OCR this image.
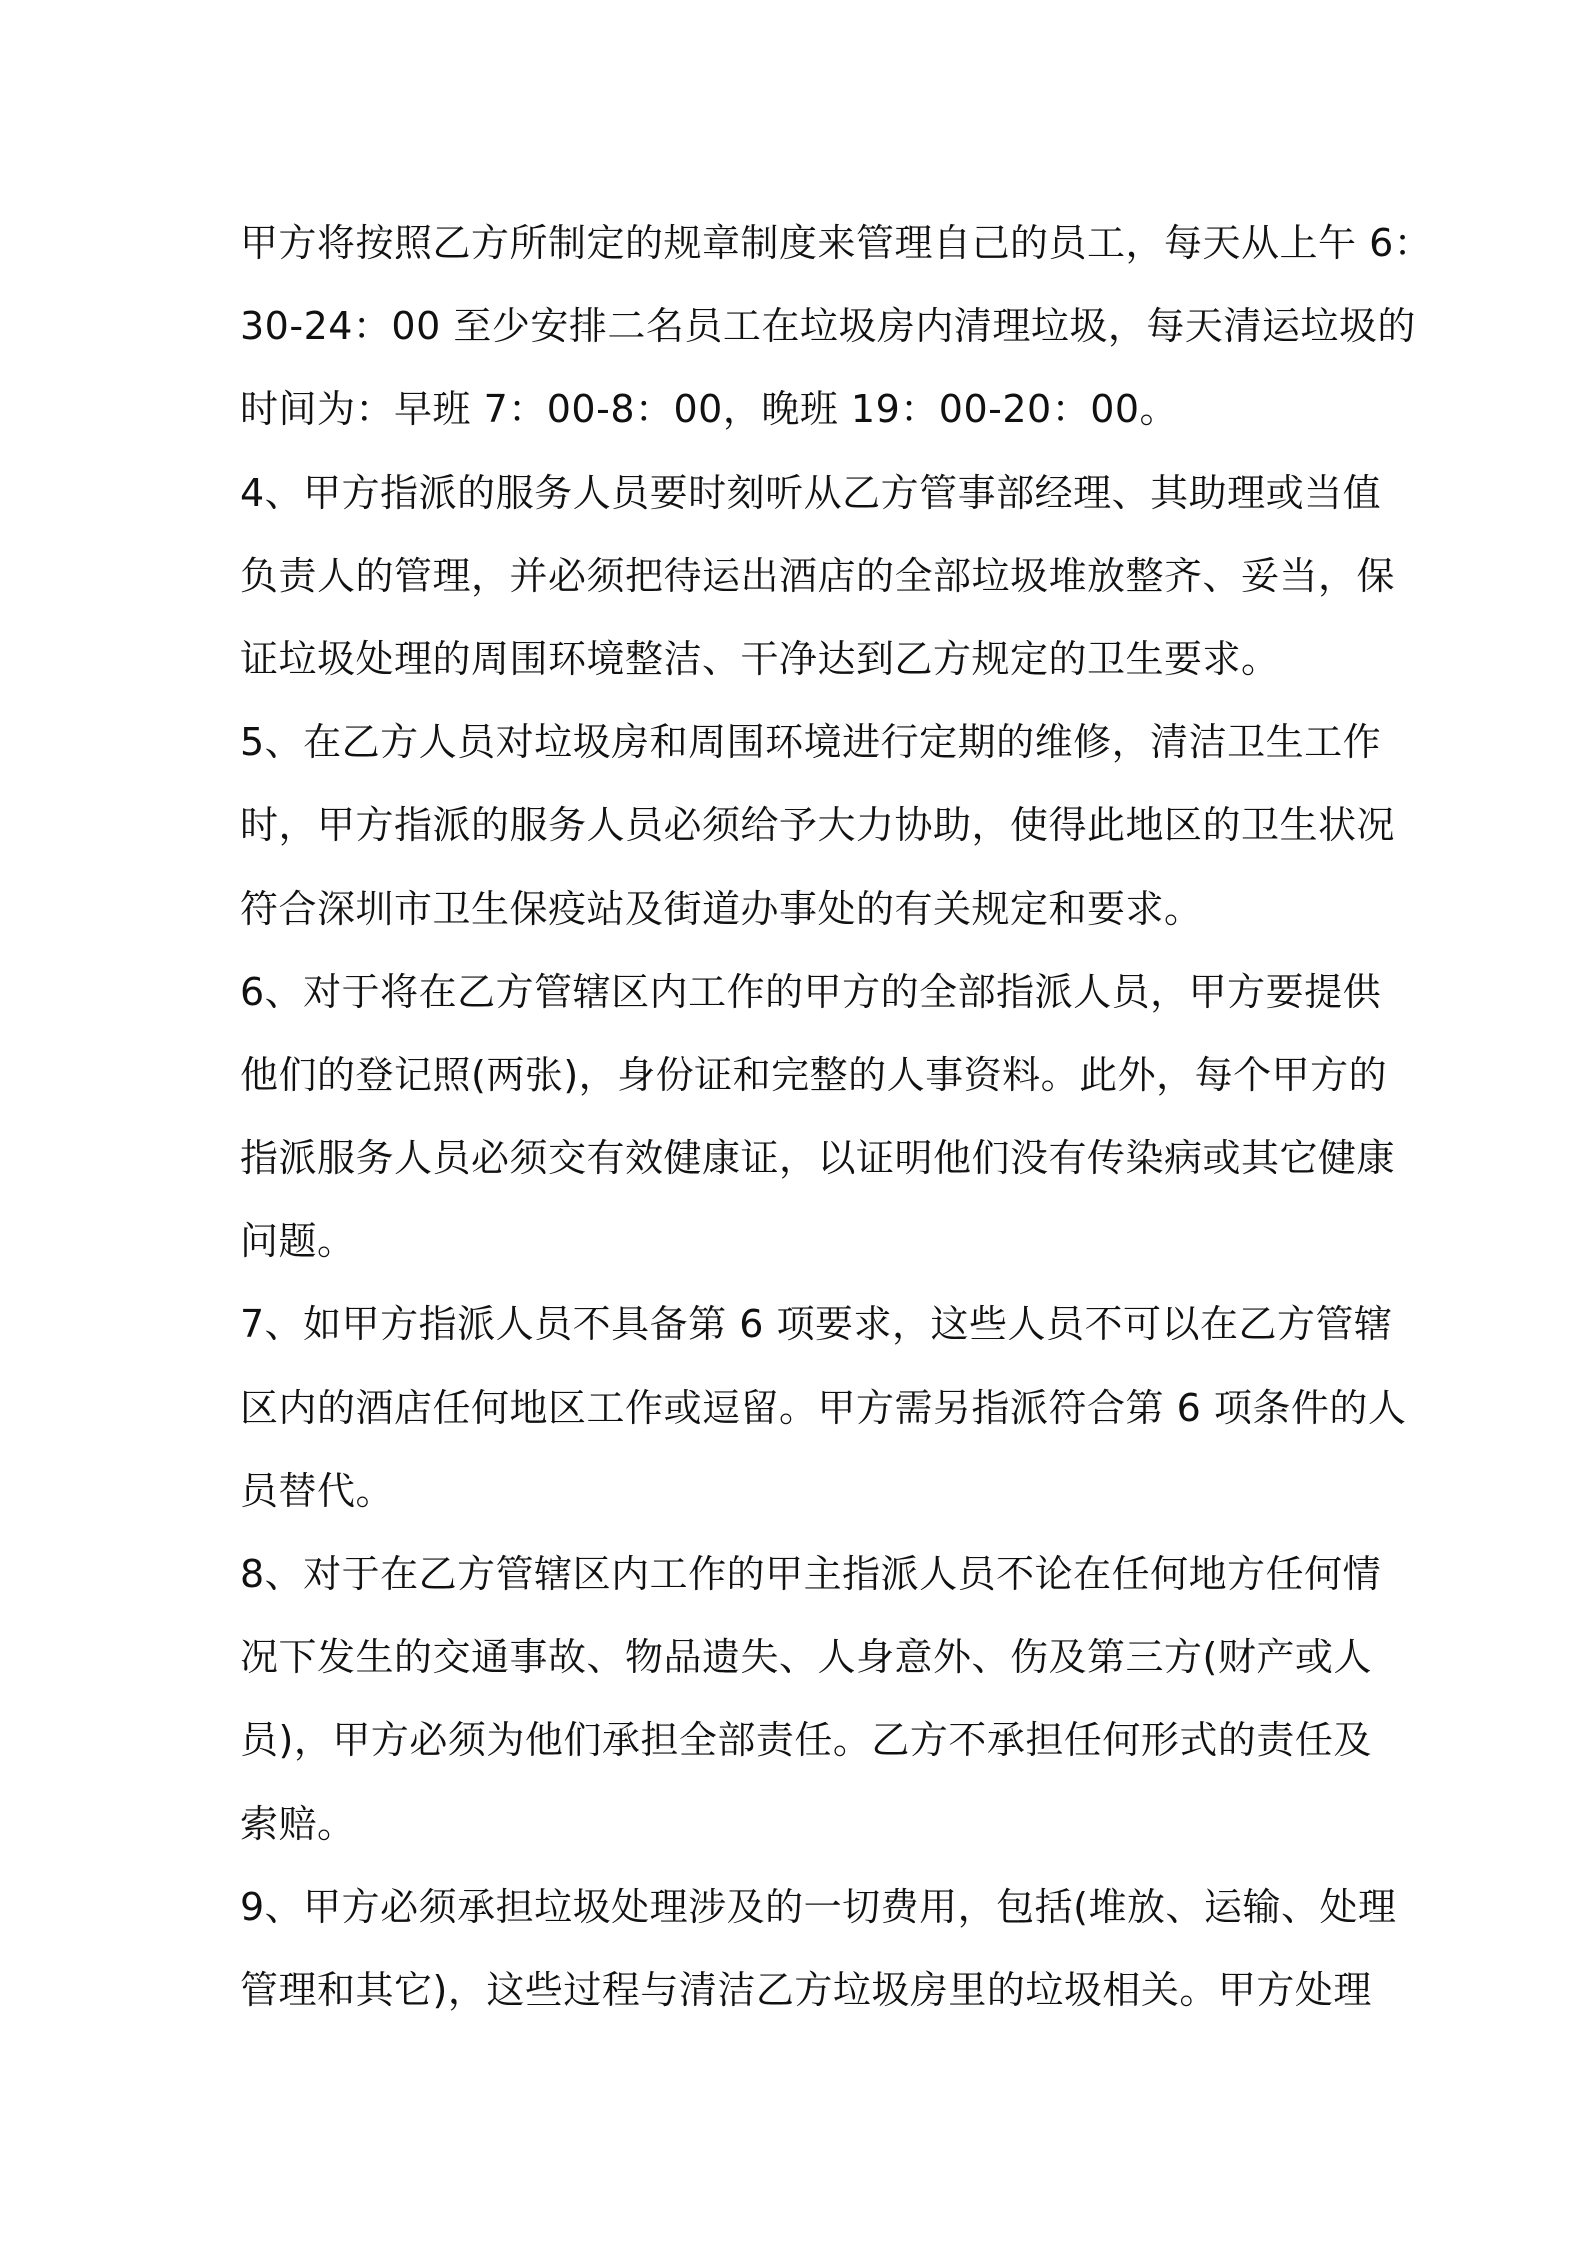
甲方将按照乙方所制定的规章制度来管理自己的员工，每天从上午 6：
30-24：00 至少安排二名员工在垃圾房内清理垃圾，每天清运垃圾的
时间为：早班 7：00-8：00，晚班 19：00-20：00。
4、甲方指派的服务人员要时刻听从乙方管事部经理、其助理或当值
负责人的管理，并必须把待运出酒店的全部垃圾堆放整齐、妥当，保
证垃圾处理的周围环境整洁、干净达到乙方规定的卫生要求。
5、在乙方人员对垃圾房和周围环境进行定期的维修，清洁卫生工作
时，甲方指派的服务人员必须给予大力协助，使得此地区的卫生状况
符合深圳市卫生保疫站及街道办事处的有关规定和要求。
6、对于将在乙方管辖区内工作的甲方的全部指派人员，甲方要提供
他们的登记照(两张)，身份证和完整的人事资料。此外，每个甲方的
指派服务人员必须交有效健康证，以证明他们没有传染病或其它健康
问题。
7、如甲方指派人员不具备第 6 项要求，这些人员不可以在乙方管辖
区内的酒店任何地区工作或逗留。甲方需另指派符合第 6 项条件的人
员替代。
8、对于在乙方管辖区内工作的甲主指派人员不论在任何地方任何情
况下发生的交通事故、物品遗失、人身意外、伤及第三方(财产或人
员)，甲方必须为他们承担全部责任。乙方不承担任何形式的责任及
索赔。
9、甲方必须承担垃圾处理涉及的一切费用，包括(堆放、运输、处理
管理和其它)，这些过程与清洁乙方垃圾房里的垃圾相关。甲方处理
